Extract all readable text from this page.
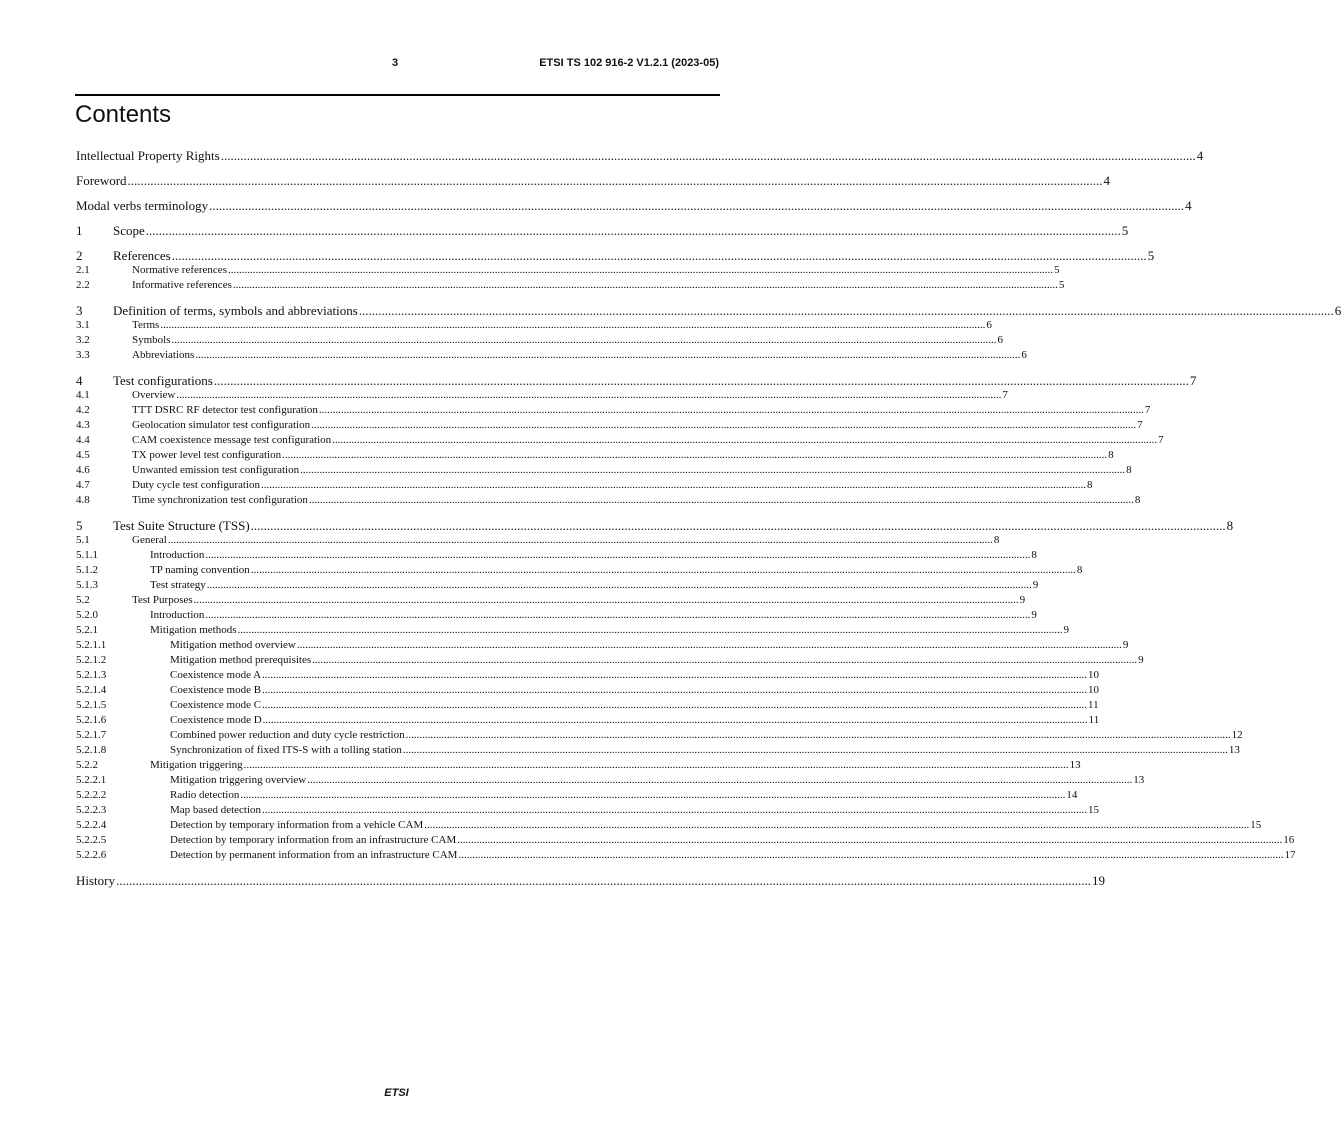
3	ETSI TS 102 916-2 V1.2.1 (2023-05)
Contents
Intellectual Property Rights ............................................................................................................................................................................................................................................................................................................ 4
Foreword ............................................................................................................................................................................................................................................................................................................ 4
Modal verbs terminology ............................................................................................................................................................................................................................................................................................................ 4
1	Scope ............................................................................................................................................................................................................................................................................................................ 5
2	References ............................................................................................................................................................................................................................................................................................................ 5
2.1	Normative references ............................................................................................................................................................................................................................................................................................................ 5
2.2	Informative references ............................................................................................................................................................................................................................................................................................................ 5
3	Definition of terms, symbols and abbreviations ............................................................................................................................................................................................................................................................................................................ 6
3.1	Terms ............................................................................................................................................................................................................................................................................................................ 6
3.2	Symbols ............................................................................................................................................................................................................................................................................................................ 6
3.3	Abbreviations ............................................................................................................................................................................................................................................................................................................ 6
4	Test configurations ............................................................................................................................................................................................................................................................................................................ 7
4.1	Overview ............................................................................................................................................................................................................................................................................................................ 7
4.2	TTT DSRC RF detector test configuration ............................................................................................................................................................................................................................................................................................................ 7
4.3	Geolocation simulator test configuration ............................................................................................................................................................................................................................................................................................................ 7
4.4	CAM coexistence message test configuration ............................................................................................................................................................................................................................................................................................................ 7
4.5	TX power level test configuration ............................................................................................................................................................................................................................................................................................................ 8
4.6	Unwanted emission test configuration ............................................................................................................................................................................................................................................................................................................ 8
4.7	Duty cycle test configuration ............................................................................................................................................................................................................................................................................................................ 8
4.8	Time synchronization test configuration ............................................................................................................................................................................................................................................................................................................ 8
5	Test Suite Structure (TSS) ............................................................................................................................................................................................................................................................................................................ 8
5.1	General ............................................................................................................................................................................................................................................................................................................ 8
5.1.1	Introduction ............................................................................................................................................................................................................................................................................................................ 8
5.1.2	TP naming convention ............................................................................................................................................................................................................................................................................................................ 8
5.1.3	Test strategy ............................................................................................................................................................................................................................................................................................................ 9
5.2	Test Purposes ............................................................................................................................................................................................................................................................................................................ 9
5.2.0	Introduction ............................................................................................................................................................................................................................................................................................................ 9
5.2.1	Mitigation methods ............................................................................................................................................................................................................................................................................................................ 9
5.2.1.1	Mitigation method overview ............................................................................................................................................................................................................................................................................................................ 9
5.2.1.2	Mitigation method prerequisites ............................................................................................................................................................................................................................................................................................................ 9
5.2.1.3	Coexistence mode A ............................................................................................................................................................................................................................................................................................................ 10
5.2.1.4	Coexistence mode B ............................................................................................................................................................................................................................................................................................................ 10
5.2.1.5	Coexistence mode C ............................................................................................................................................................................................................................................................................................................ 11
5.2.1.6	Coexistence mode D ............................................................................................................................................................................................................................................................................................................ 11
5.2.1.7	Combined power reduction and duty cycle restriction ............................................................................................................................................................................................................................................................................................................ 12
5.2.1.8	Synchronization of fixed ITS-S with a tolling station ............................................................................................................................................................................................................................................................................................................ 13
5.2.2	Mitigation triggering ............................................................................................................................................................................................................................................................................................................ 13
5.2.2.1	Mitigation triggering overview ............................................................................................................................................................................................................................................................................................................ 13
5.2.2.2	Radio detection ............................................................................................................................................................................................................................................................................................................ 14
5.2.2.3	Map based detection ............................................................................................................................................................................................................................................................................................................ 15
5.2.2.4	Detection by temporary information from a vehicle CAM ............................................................................................................................................................................................................................................................................................................ 15
5.2.2.5	Detection by temporary information from an infrastructure CAM ............................................................................................................................................................................................................................................................................................................ 16
5.2.2.6	Detection by permanent information from an infrastructure CAM ............................................................................................................................................................................................................................................................................................................ 17
History ............................................................................................................................................................................................................................................................................................................ 19
ETSI
